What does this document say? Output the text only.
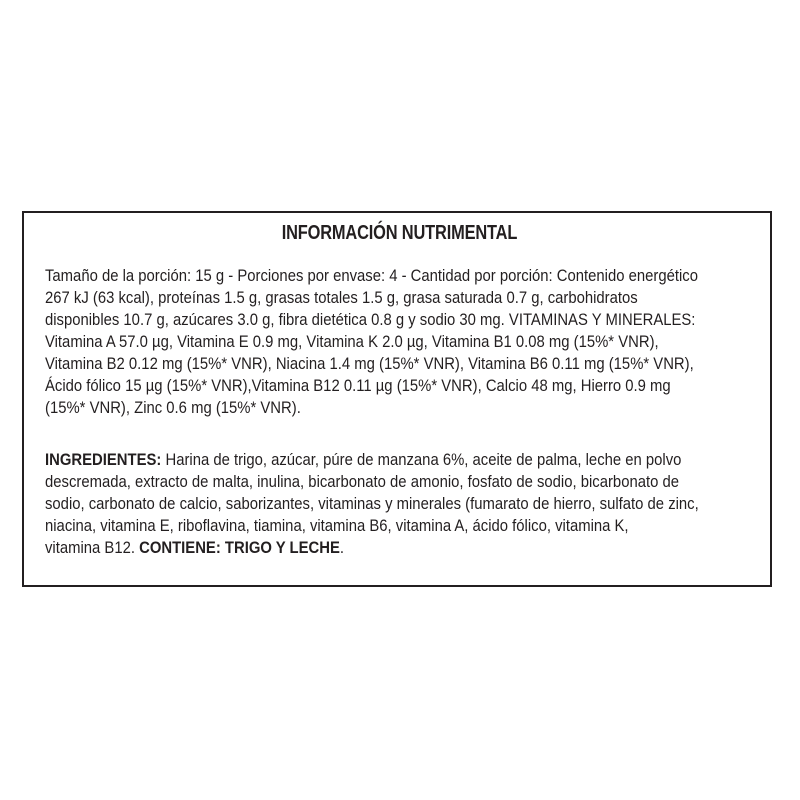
INFORMACIÓN NUTRIMENTAL
Tamaño de la porción: 15 g - Porciones por envase: 4 - Cantidad por porción: Contenido energético
267 kJ (63 kcal), proteínas 1.5 g, grasas totales 1.5 g, grasa saturada 0.7 g, carbohidratos
disponibles 10.7 g, azúcares 3.0 g, fibra dietética 0.8 g y sodio 30 mg. VITAMINAS Y MINERALES:
Vitamina A 57.0 µg, Vitamina E 0.9 mg, Vitamina K 2.0 µg, Vitamina B1 0.08 mg (15%* VNR),
Vitamina B2 0.12 mg (15%* VNR), Niacina 1.4 mg (15%* VNR), Vitamina B6 0.11 mg (15%* VNR),
Ácido fólico 15 µg (15%* VNR),Vitamina B12 0.11 µg (15%* VNR), Calcio 48 mg, Hierro 0.9 mg
(15%* VNR), Zinc 0.6 mg (15%* VNR).
INGREDIENTES: Harina de trigo, azúcar, púre de manzana 6%, aceite de palma, leche en polvo
descremada, extracto de malta, inulina, bicarbonato de amonio, fosfato de sodio, bicarbonato de
sodio, carbonato de calcio, saborizantes, vitaminas y minerales (fumarato de hierro, sulfato de zinc,
niacina, vitamina E, riboflavina, tiamina, vitamina B6, vitamina A, ácido fólico, vitamina K,
vitamina B12. CONTIENE: TRIGO Y LECHE.
